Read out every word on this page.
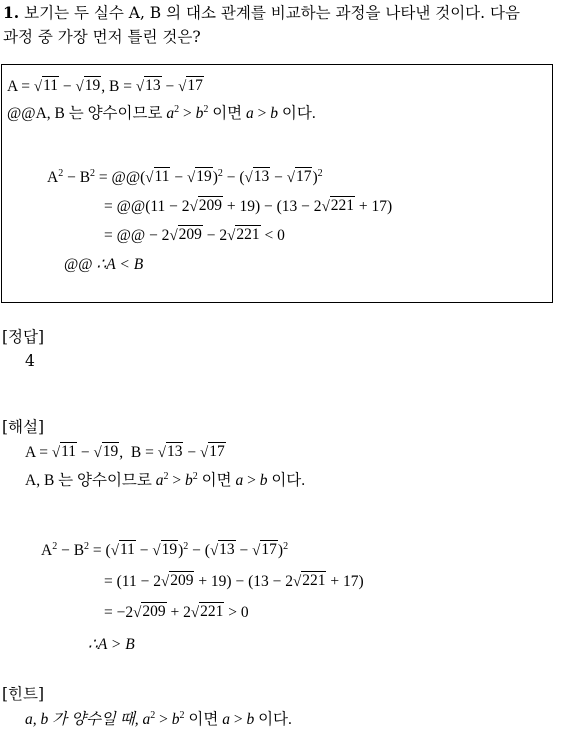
1. 보기는 두 실수 A, B 의 대소 관계를 비교하는 과정을 나타낸 것이다. 다음
과정 중 가장 먼저 틀린 것은?
A = √ 11 − √ 19 , B = √ 13 − √ 17
@@A, B 는 양수이므로 $a^2 > b^2$ 이면 a > b 이다.
$A^2 - B^2$ = @@( √ 11 − √ 19 )$^2$ − ( √ 13 − √ 17 )$^2$
= @@(11 − 2 √ 209 + 19) − (13 − 2 √ 221 + 17)
= @@ − 2 √ 209 − 2 √ 221 < 0
@@ ∴A < B
[정답]
4
[해설]
A = √ 11 − √ 19 ,  B = √ 13 − √ 17
A, B 는 양수이므로 $a^2 > b^2$ 이면 a > b 이다.
$A^2 - B^2$ = ( √ 11 − √ 19 )$^2$ − ( √ 13 − √ 17 )$^2$
= (11 − 2 √ 209 + 19) − (13 − 2 √ 221 + 17)
= −2 √ 209 + 2 √ 221 > 0
∴A > B
[힌트]
a, b 가 양수일 때, $a^2 > b^2$ 이면 a > b 이다.
